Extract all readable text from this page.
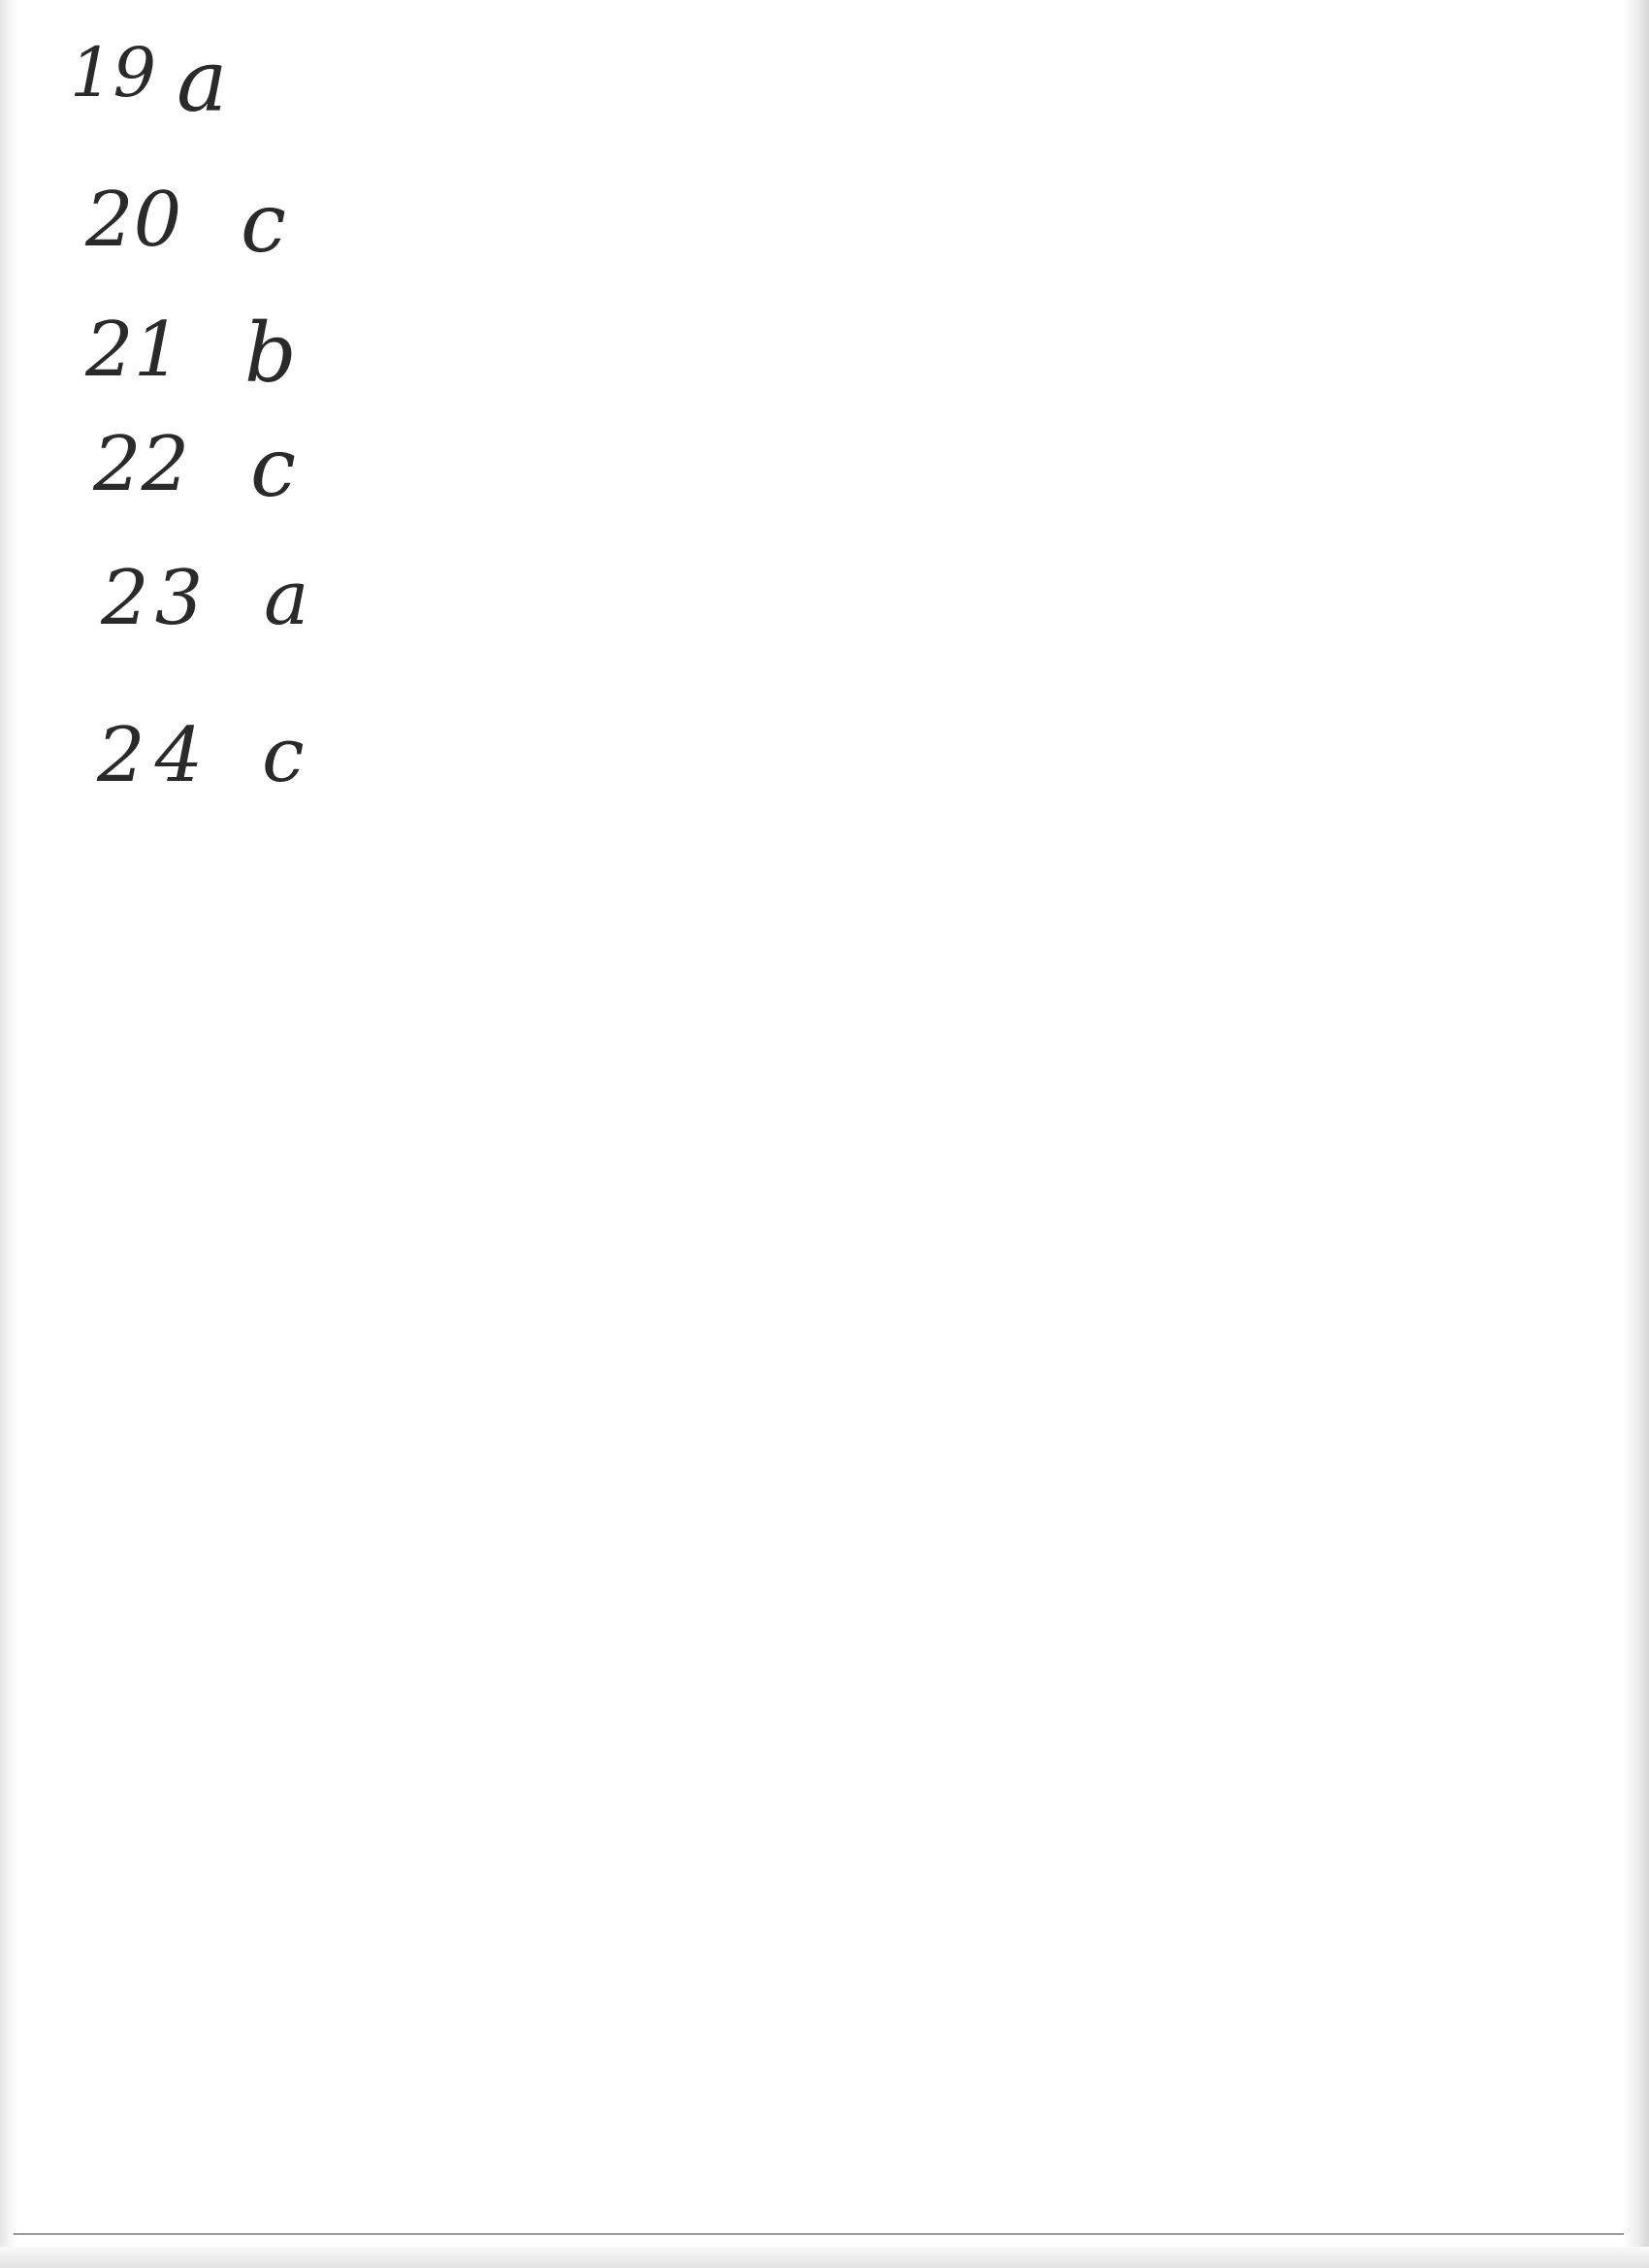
19 a
20 c
21 b
22 c
23 a
24 c
